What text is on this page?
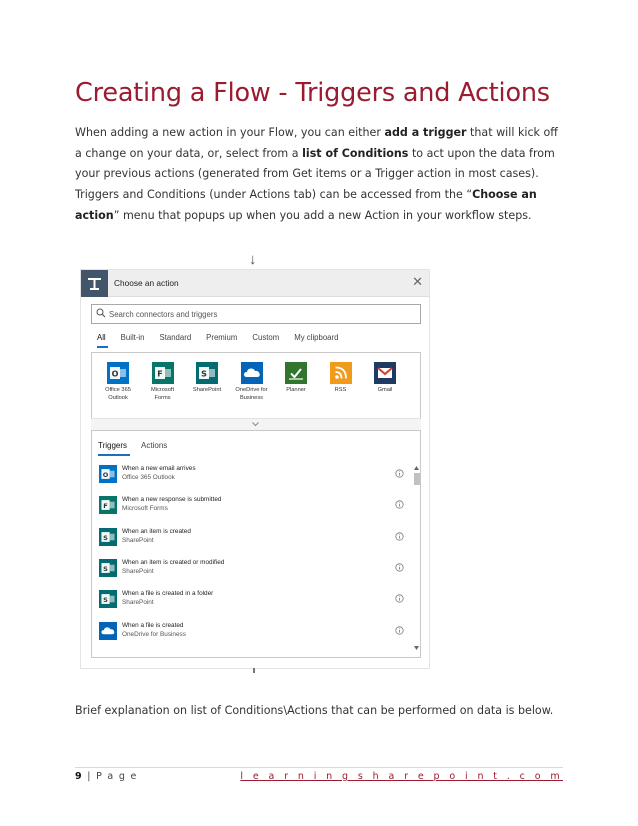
Creating a Flow - Triggers and Actions

When adding a new action in your Flow, you can either add a trigger that will kick off a change on your data, or, select from a list of Conditions to act upon the data from your previous actions (generated from Get items or a Trigger action in most cases).

Triggers and Conditions (under Actions tab) can be accessed from the “Choose an action” menu that popups up when you add a new Action in your workflow steps.

↓
Choose an action	✕
Search connectors and triggers
All Built-in Standard Premium Custom My clipboard
O
Office 365
Outlook
F
Microsoft
Forms
S
SharePoint	OneDrive for
Business
Planner	RSS	Gmail
Triggers Actions
O
When a new email arrives
Office 365 Outlook
F
When a new response is submitted
Microsoft Forms
S
When an item is created
SharePoint
S
When an item is created or modified
SharePoint
S
When a file is created in a folder
SharePoint
When a file is created
OneDrive for Business

Brief explanation on list of Conditions\Actions that can be performed on data is below.

9 | P a g e	l e a r n i n g s h a r e p o i n t . c o m
